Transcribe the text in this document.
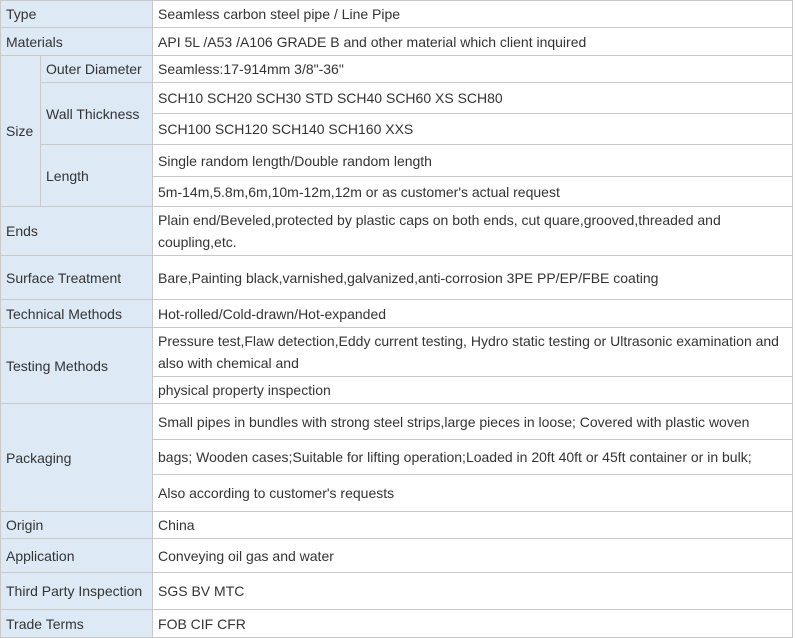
Type		Seamless carbon steel pipe / Line Pipe
Materials		API 5L /A53 /A106 GRADE B and other material which client inquired
Size	Outer Diameter	Seamless:17-914mm 3/8"-36"
	Wall Thickness	SCH10 SCH20 SCH30 STD SCH40 SCH60 XS SCH80
		SCH100 SCH120 SCH140 SCH160 XXS
	Length	Single random length/Double random length
		5m-14m,5.8m,6m,10m-12m,12m or as customer's actual request
Ends		Plain end/Beveled,protected by plastic caps on both ends, cut quare,grooved,threaded and coupling,etc.
Surface Treatment		Bare,Painting black,varnished,galvanized,anti-corrosion 3PE PP/EP/FBE coating
Technical Methods		Hot-rolled/Cold-drawn/Hot-expanded
Testing Methods		Pressure test,Flaw detection,Eddy current testing, Hydro static testing or Ultrasonic examination and also with chemical and
		physical property inspection
Packaging		Small pipes in bundles with strong steel strips,large pieces in loose; Covered with plastic woven
		bags; Wooden cases;Suitable for lifting operation;Loaded in 20ft 40ft or 45ft container or in bulk;
		Also according to customer's requests
Origin		China
Application		Conveying oil gas and water
Third Party Inspection		SGS BV MTC
Trade Terms		FOB CIF CFR
